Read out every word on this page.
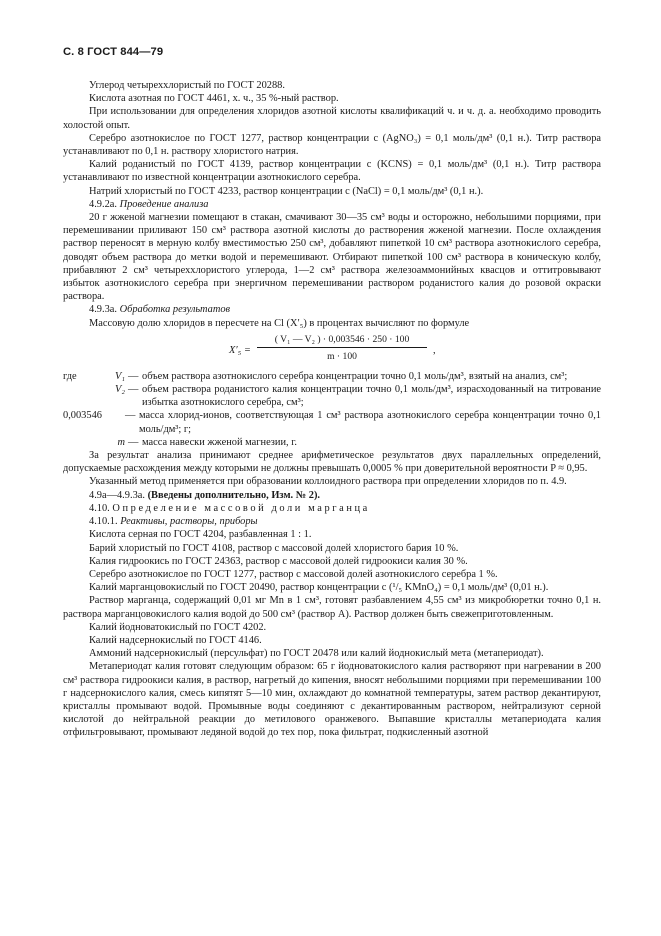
С. 8 ГОСТ 844—79

Углерод четыреххлористый по ГОСТ 20288.

Кислота азотная по ГОСТ 4461, х. ч., 35 %-ный раствор.

При использовании для определения хлоридов азотной кислоты квалификаций ч. и ч. д. а. необходимо проводить холостой опыт.

Серебро азотнокислое по ГОСТ 1277, раствор концентрации c (AgNO₃) = 0,1 моль/дм³ (0,1 н.). Титр раствора устанавливают по 0,1 н. раствору хлористого натрия.

Калий роданистый по ГОСТ 4139, раствор концентрации c (KCNS) = 0,1 моль/дм³ (0,1 н.). Титр раствора устанавливают по известной концентрации азотнокислого серебра.

Натрий хлористый по ГОСТ 4233, раствор концентрации c (NaCl) = 0,1 моль/дм³ (0,1 н.).

4.9.2а. Проведение анализа

20 г жженой магнезии помещают в стакан, смачивают 30—35 см³ воды и осторожно, небольшими порциями, при перемешивании приливают 150 см³ раствора азотной кислоты до растворения жженой магнезии. После охлаждения раствор переносят в мерную колбу вместимостью 250 см³, добавляют пипеткой 10 см³ раствора азотнокислого серебра, доводят объем раствора до метки водой и перемешивают. Отбирают пипеткой 100 см³ раствора в коническую колбу, прибавляют 2 см³ четыреххлористого углерода, 1—2 см³ раствора железоаммонийных квасцов и оттитровывают избыток азотнокислого серебра при энергичном перемешивании раствором роданистого калия до розовой окраски раствора.

4.9.3а. Обработка результатов

Массовую долю хлоридов в пересчете на Cl (X′₅) в процентах вычисляют по формуле

X′₅ =
( V₁ — V₂ ) · 0,003546 · 250 · 100
m · 100
,
где	V₁ — объем раствора азотнокислого серебра концентрации точно 0,1 моль/дм³, взятый на анализ, см³;
V₂ — объем раствора роданистого калия концентрации точно 0,1 моль/дм³, израсходованный на титрование избытка азотнокислого серебра, см³;
0,003546	— масса хлорид-ионов, соответствующая 1 см³ раствора азотнокислого серебра концентрации точно 0,1 моль/дм³; г;
m — масса навески жженой магнезии, г.

За результат анализа принимают среднее арифметическое результатов двух параллельных определений, допускаемые расхождения между которыми не должны превышать 0,0005 % при доверительной вероятности P ≈ 0,95.

Указанный метод применяется при образовании коллоидного раствора при определении хлоридов по п. 4.9.

4.9а—4.9.3а. (Введены дополнительно, Изм. № 2).

4.10. Определение массовой доли марганца

4.10.1. Реактивы, растворы, приборы

Кислота серная по ГОСТ 4204, разбавленная 1 : 1.

Барий хлористый по ГОСТ 4108, раствор с массовой долей хлористого бария 10 %.

Калия гидроокись по ГОСТ 24363, раствор с массовой долей гидроокиси калия 30 %.

Серебро азотнокислое по ГОСТ 1277, раствор с массовой долей азотнокислого серебра 1 %.

Калий марганцовокислый по ГОСТ 20490, раствор концентрации c (¹/₅ KMnO₄) = 0,1 моль/дм³ (0,01 н.).

Раствор марганца, содержащий 0,01 мг Mn в 1 см³, готовят разбавлением 4,55 см³ из микробюретки точно 0,1 н. раствора марганцовокислого калия водой до 500 см³ (раствор А). Раствор должен быть свежеприготовленным.

Калий йодноватокислый по ГОСТ 4202.

Калий надсернокислый по ГОСТ 4146.

Аммоний надсернокислый (персульфат) по ГОСТ 20478 или калий йоднокислый мета (метапериодат).

Метапериодат калия готовят следующим образом: 65 г йодноватокислого калия растворяют при нагревании в 200 см³ раствора гидроокиси калия, в раствор, нагретый до кипения, вносят небольшими порциями при перемешивании 100 г надсернокислого калия, смесь кипятят 5—10 мин, охлаждают до комнатной температуры, затем раствор декантируют, кристаллы промывают водой. Промывные воды соединяют с декантированным раствором, нейтрализуют серной кислотой до нейтральной реакции до метилового оранжевого. Выпавшие кристаллы метапериодата калия отфильтровывают, промывают ледяной водой до тех пор, пока фильтрат, подкисленный азотной
